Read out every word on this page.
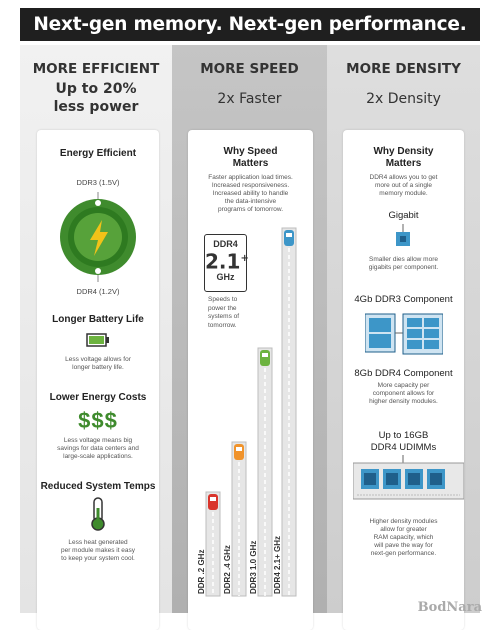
Next-gen memory. Next-gen performance.
MORE EFFICIENT
Up to 20%
less power
Energy Efficient
DDR3 (1.5V)
DDR4 (1.2V)
Longer Battery Life
Less voltage allows for
longer battery life.
Lower Energy Costs
$$$
Less voltage means big
savings for data centers and
large-scale applications.
Reduced System Temps
Less heat generated
per module makes it easy
to keep your system cool.
MORE SPEED
2x Faster
Why Speed
Matters
Faster application load times.
Increased responsiveness.
Increased ability to handle
the data-intensive
programs of tomorrow.
DDR4
2.1+
GHz
Speeds to
power the
systems of
tomorrow.
DDR .2 GHz DDR2 .4 GHz DDR3 1.0 GHz DDR4 2.1+ GHz
MORE DENSITY
2x Density
Why Density
Matters
DDR4 allows you to get
more out of a single
memory module.
Gigabit
Smaller dies allow more
gigabits per component.
4Gb DDR3 Component
8Gb DDR4 Component
More capacity per
component allows for
higher density modules.
Up to 16GB
DDR4 UDIMMs
Higher density modules
allow for greater
RAM capacity, which
will pave the way for
next-gen performance.
BodNara
